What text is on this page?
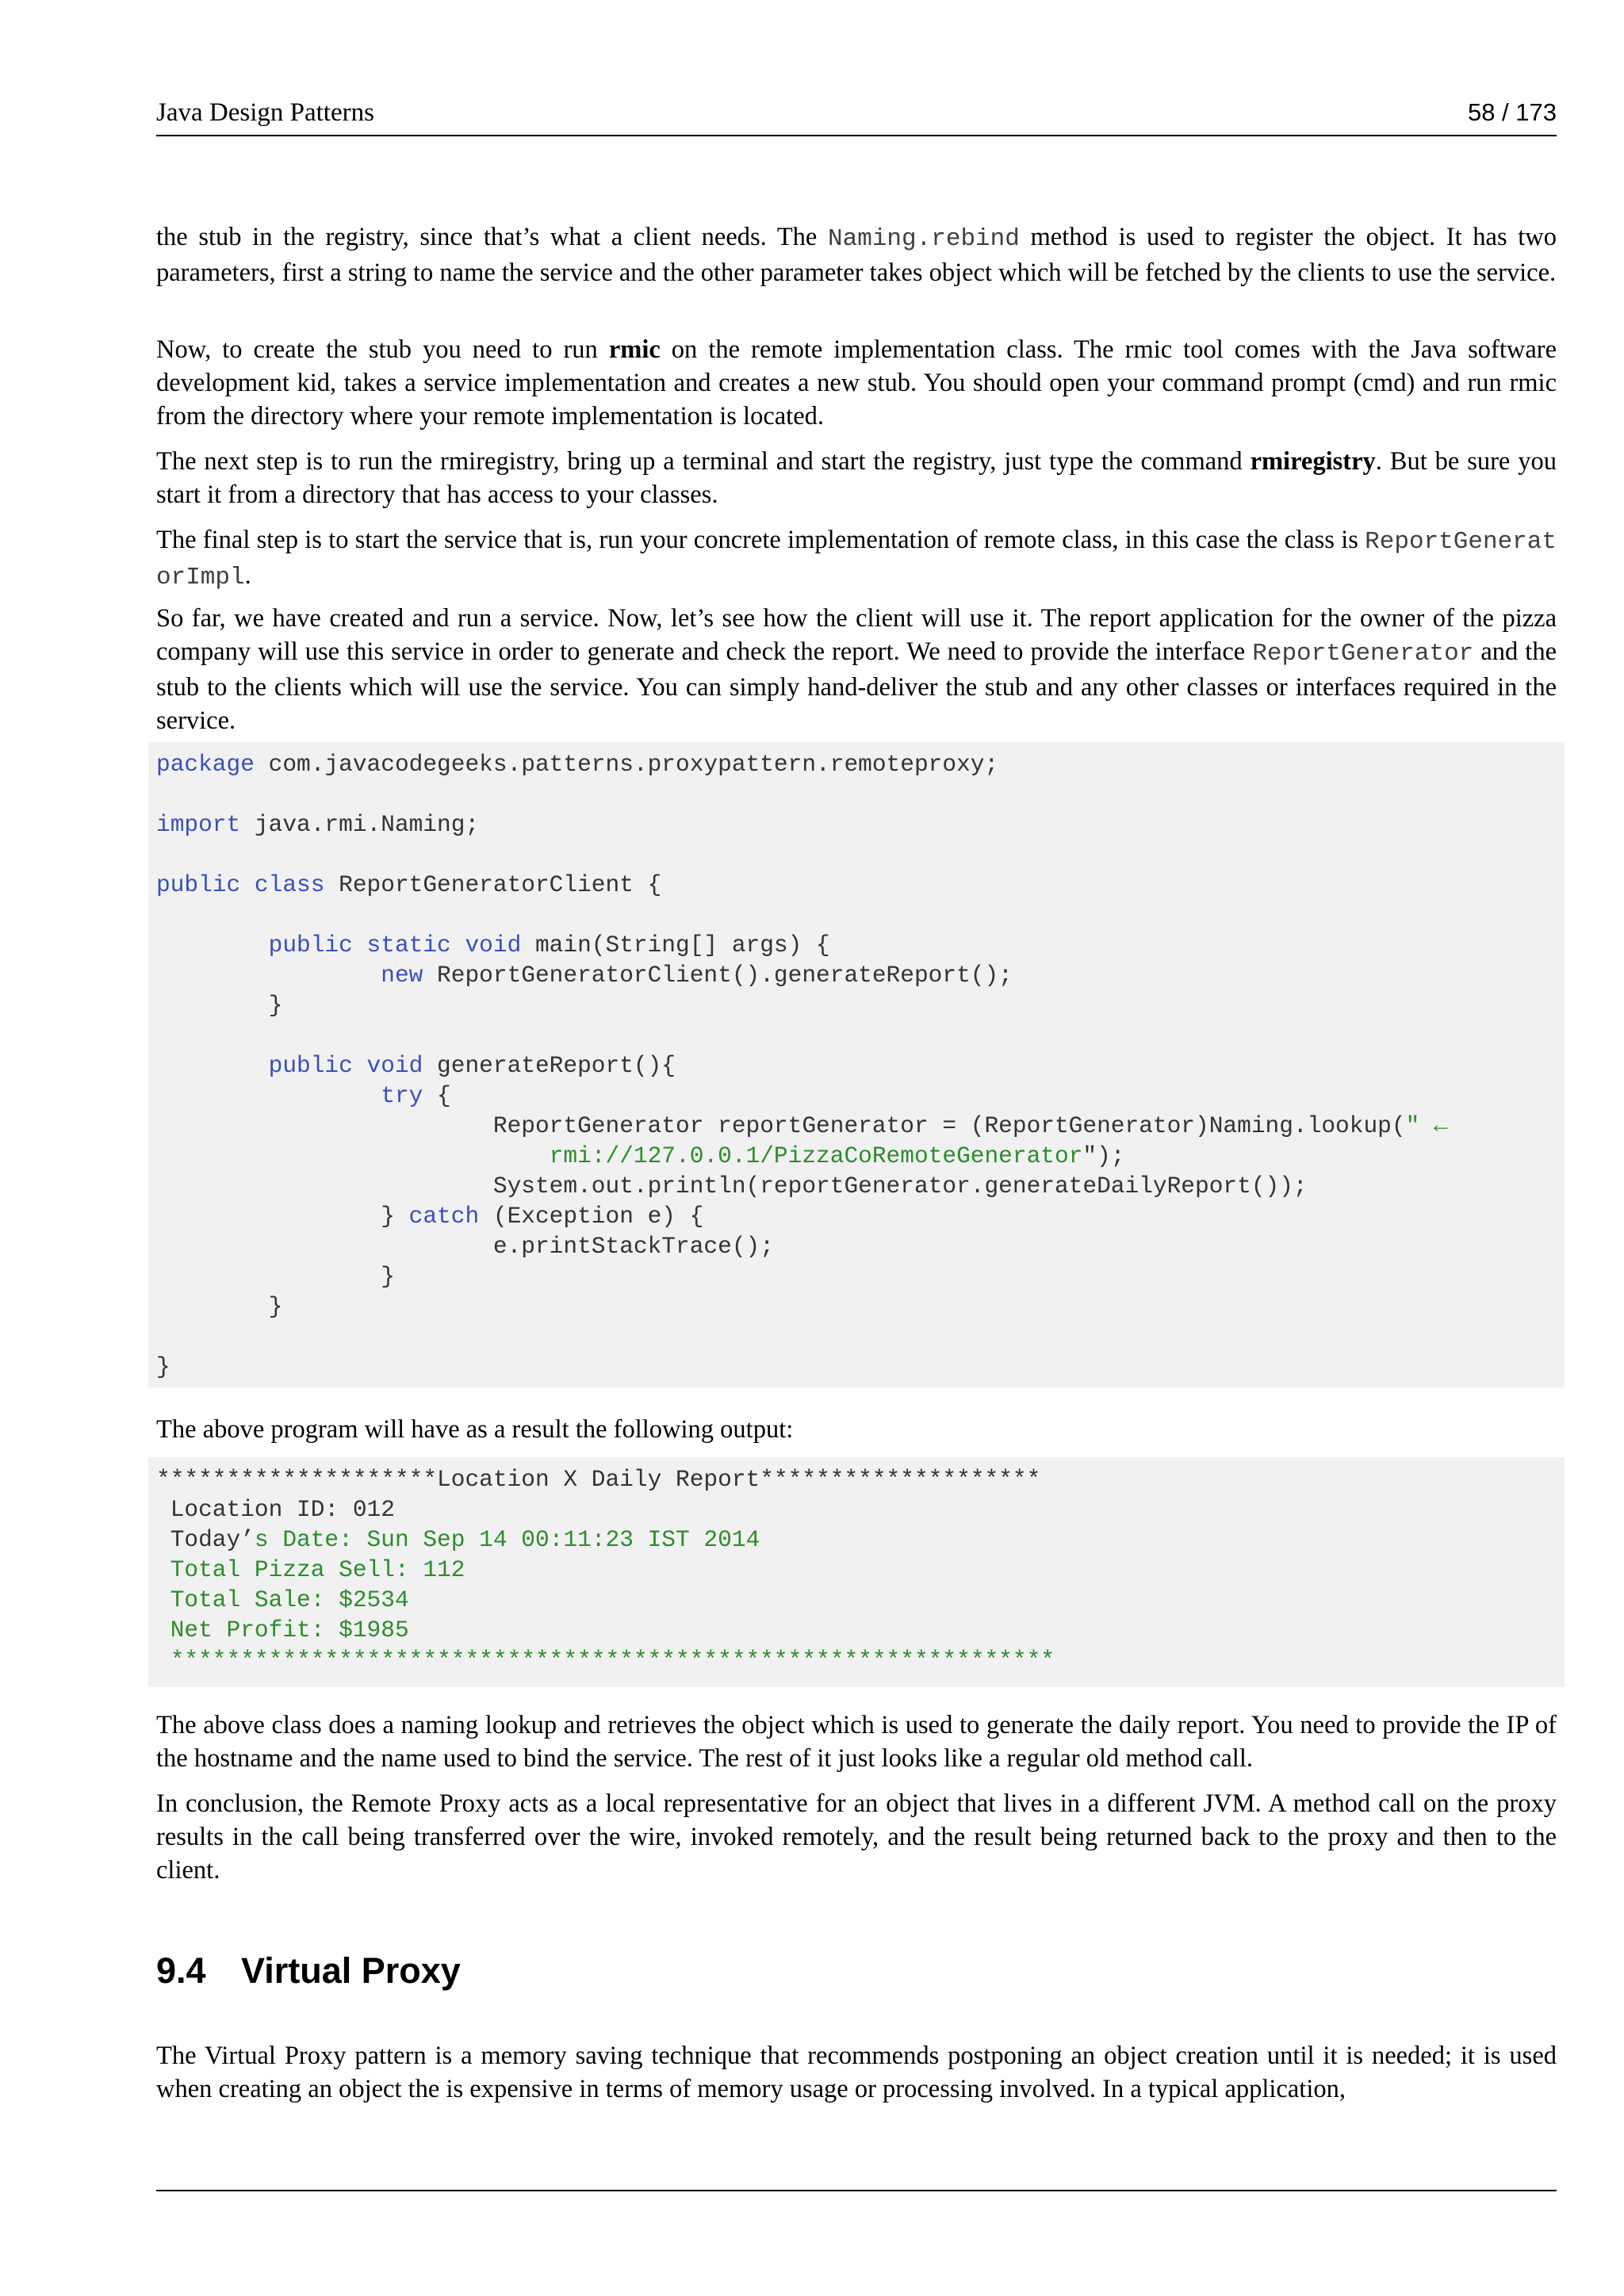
Java Design Patterns	58 / 173

the stub in the registry, since that’s what a client needs. The Naming.rebind method is used to register the object. It has two parameters, first a string to name the service and the other parameter takes object which will be fetched by the clients to use the service.

Now, to create the stub you need to run rmic on the remote implementation class. The rmic tool comes with the Java software development kid, takes a service implementation and creates a new stub. You should open your command prompt (cmd) and run rmic from the directory where your remote implementation is located.

The next step is to run the rmiregistry, bring up a terminal and start the registry, just type the command rmiregistry. But be sure you start it from a directory that has access to your classes.

The final step is to start the service that is, run your concrete implementation of remote class, in this case the class is ReportGeneratorImpl.

So far, we have created and run a service. Now, let’s see how the client will use it. The report application for the owner of the pizza company will use this service in order to generate and check the report. We need to provide the interface ReportGenerator and the stub to the clients which will use the service. You can simply hand-deliver the stub and any other classes or interfaces required in the service.

package com.javacodegeeks.patterns.proxypattern.remoteproxy;

import java.rmi.Naming;

public class ReportGeneratorClient {

public static void main(String[] args) {
new ReportGeneratorClient().generateReport();
}

public void generateReport(){
try {
ReportGenerator reportGenerator = (ReportGenerator)Naming.lookup(" ←
rmi://127.0.0.1/PizzaCoRemoteGenerator");
System.out.println(reportGenerator.generateDailyReport());
} catch (Exception e) {
e.printStackTrace();
}
}

}

The above program will have as a result the following output:

********************Location X Daily Report********************
Location ID: 012
Today’s Date: Sun Sep 14 00:11:23 IST 2014
Total Pizza Sell: 112
Total Sale: $2534
Net Profit: $1985
***************************************************************

The above class does a naming lookup and retrieves the object which is used to generate the daily report. You need to provide the IP of the hostname and the name used to bind the service. The rest of it just looks like a regular old method call.

In conclusion, the Remote Proxy acts as a local representative for an object that lives in a different JVM. A method call on the proxy results in the call being transferred over the wire, invoked remotely, and the result being returned back to the proxy and then to the client.

9.4 Virtual Proxy

The Virtual Proxy pattern is a memory saving technique that recommends postponing an object creation until it is needed; it is used when creating an object the is expensive in terms of memory usage or processing involved. In a typical application,
